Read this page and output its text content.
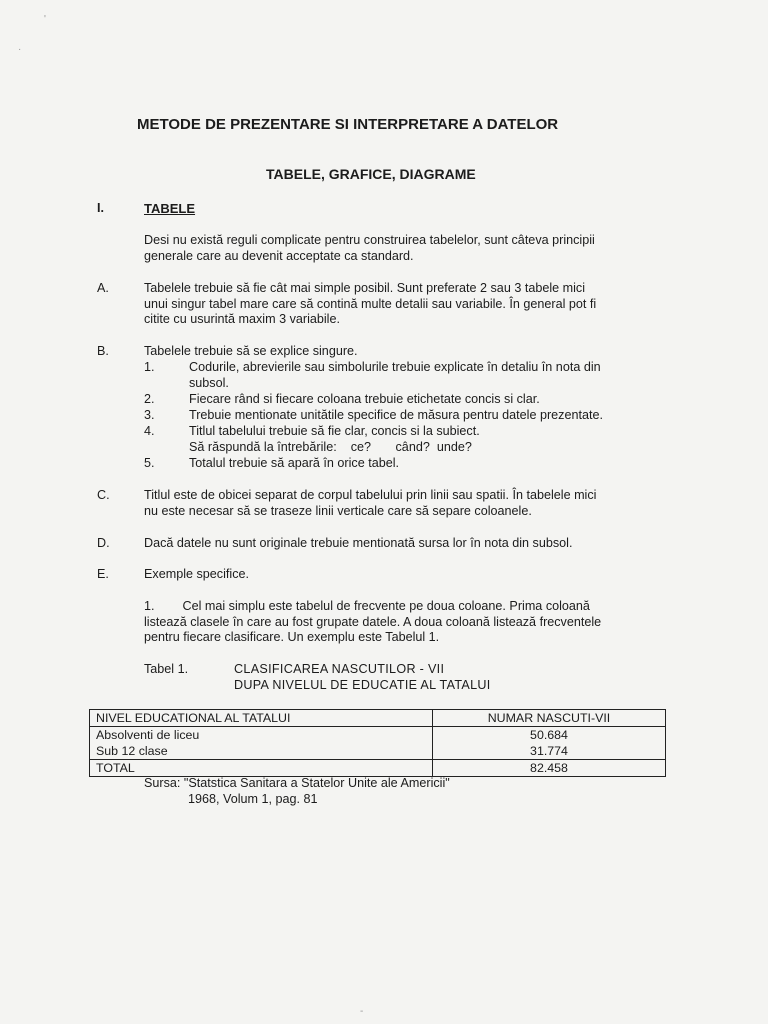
'
·
METODE DE PREZENTARE SI INTERPRETARE A DATELOR
TABELE, GRAFICE, DIAGRAME
I.	TABELE
Desi nu există reguli complicate pentru construirea tabelelor, sunt câteva principii
generale care au devenit acceptate ca standard.
A.	Tabelele trebuie să fie cât mai simple posibil. Sunt preferate 2 sau 3 tabele mici
unui singur tabel mare care să contină multe detalii sau variabile. În general pot fi
citite cu usurintă maxim 3 variabile.
B.	Tabelele trebuie să se explice singure.
1.	Codurile, abrevierile sau simbolurile trebuie explicate în detaliu în nota din
subsol.
2.	Fiecare rând si fiecare coloana trebuie etichetate concis si clar.
3.	Trebuie mentionate unitătile specifice de măsura pentru datele prezentate.
4.	Titlul tabelului trebuie să fie clar, concis si la subiect.
Să răspundă la întrebările:    ce?       când?  unde?
5.	Totalul trebuie să apară în orice tabel.
C.	Titlul este de obicei separat de corpul tabelului prin linii sau spatii. În tabelele mici
nu este necesar să se traseze linii verticale care să separe coloanele.
D.	Dacă datele nu sunt originale trebuie mentionată sursa lor în nota din subsol.
E.	Exemple specifice.
1.        Cel mai simplu este tabelul de frecvente pe doua coloane. Prima coloană
listează clasele în care au fost grupate datele. A doua coloană listează frecventele
pentru fiecare clasificare. Un exemplu este Tabelul 1.
Tabel 1.	CLASIFICAREA NASCUTILOR - VII
DUPA NIVELUL DE EDUCATIE AL TATALUI
NIVEL EDUCATIONAL AL TATALUI	NUMAR NASCUTI-VII
Absolventi de liceu	50.684
Sub 12 clase	31.774
TOTAL	82.458
Sursa: "Statstica Sanitara a Statelor Unite ale Americii"
1968, Volum 1, pag. 81
-
